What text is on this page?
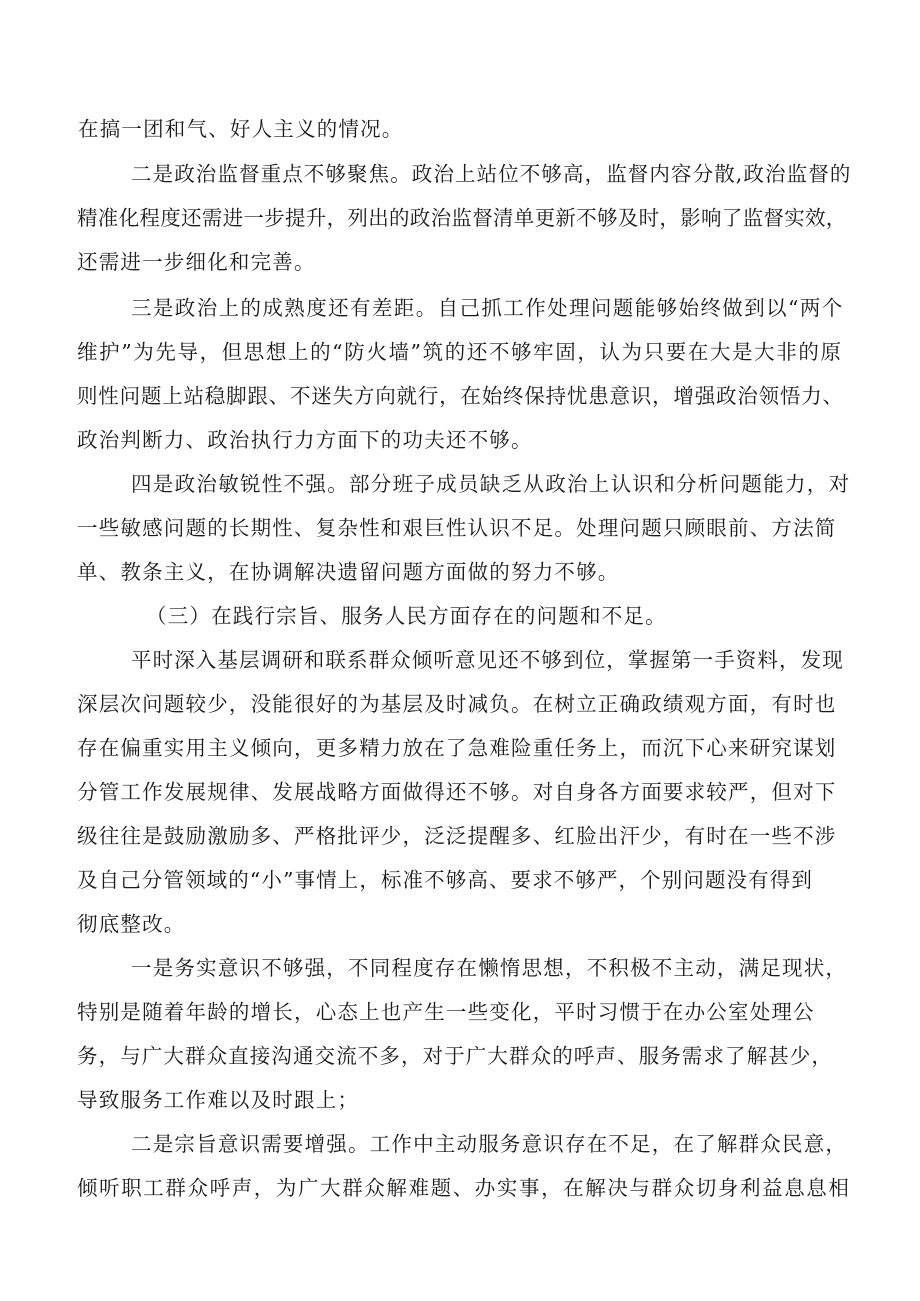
在搞一团和气、好人主义的情况。
二是政治监督重点不够聚焦。政治上站位不够高，监督内容分散,政治监督的
精准化程度还需进一步提升，列出的政治监督清单更新不够及时，影响了监督实效，
还需进一步细化和完善。
三是政治上的成熟度还有差距。自己抓工作处理问题能够始终做到以“两个
维护”为先导，但思想上的“防火墙”筑的还不够牢固，认为只要在大是大非的原
则性问题上站稳脚跟、不迷失方向就行，在始终保持忧患意识，增强政治领悟力、
政治判断力、政治执行力方面下的功夫还不够。
四是政治敏锐性不强。部分班子成员缺乏从政治上认识和分析问题能力，对
一些敏感问题的长期性、复杂性和艰巨性认识不足。处理问题只顾眼前、方法简
单、教条主义，在协调解决遗留问题方面做的努力不够。
（三）在践行宗旨、服务人民方面存在的问题和不足。
平时深入基层调研和联系群众倾听意见还不够到位，掌握第一手资料，发现
深层次问题较少，没能很好的为基层及时减负。在树立正确政绩观方面，有时也
存在偏重实用主义倾向，更多精力放在了急难险重任务上，而沉下心来研究谋划
分管工作发展规律、发展战略方面做得还不够。对自身各方面要求较严，但对下
级往往是鼓励激励多、严格批评少，泛泛提醒多、红脸出汗少，有时在一些不涉
及自己分管领域的“小”事情上，标准不够高、要求不够严，个别问题没有得到
彻底整改。
一是务实意识不够强，不同程度存在懒惰思想，不积极不主动，满足现状，
特别是随着年龄的增长，心态上也产生一些变化，平时习惯于在办公室处理公
务，与广大群众直接沟通交流不多，对于广大群众的呼声、服务需求了解甚少，
导致服务工作难以及时跟上；
二是宗旨意识需要增强。工作中主动服务意识存在不足，在了解群众民意，
倾听职工群众呼声，为广大群众解难题、办实事，在解决与群众切身利益息息相
